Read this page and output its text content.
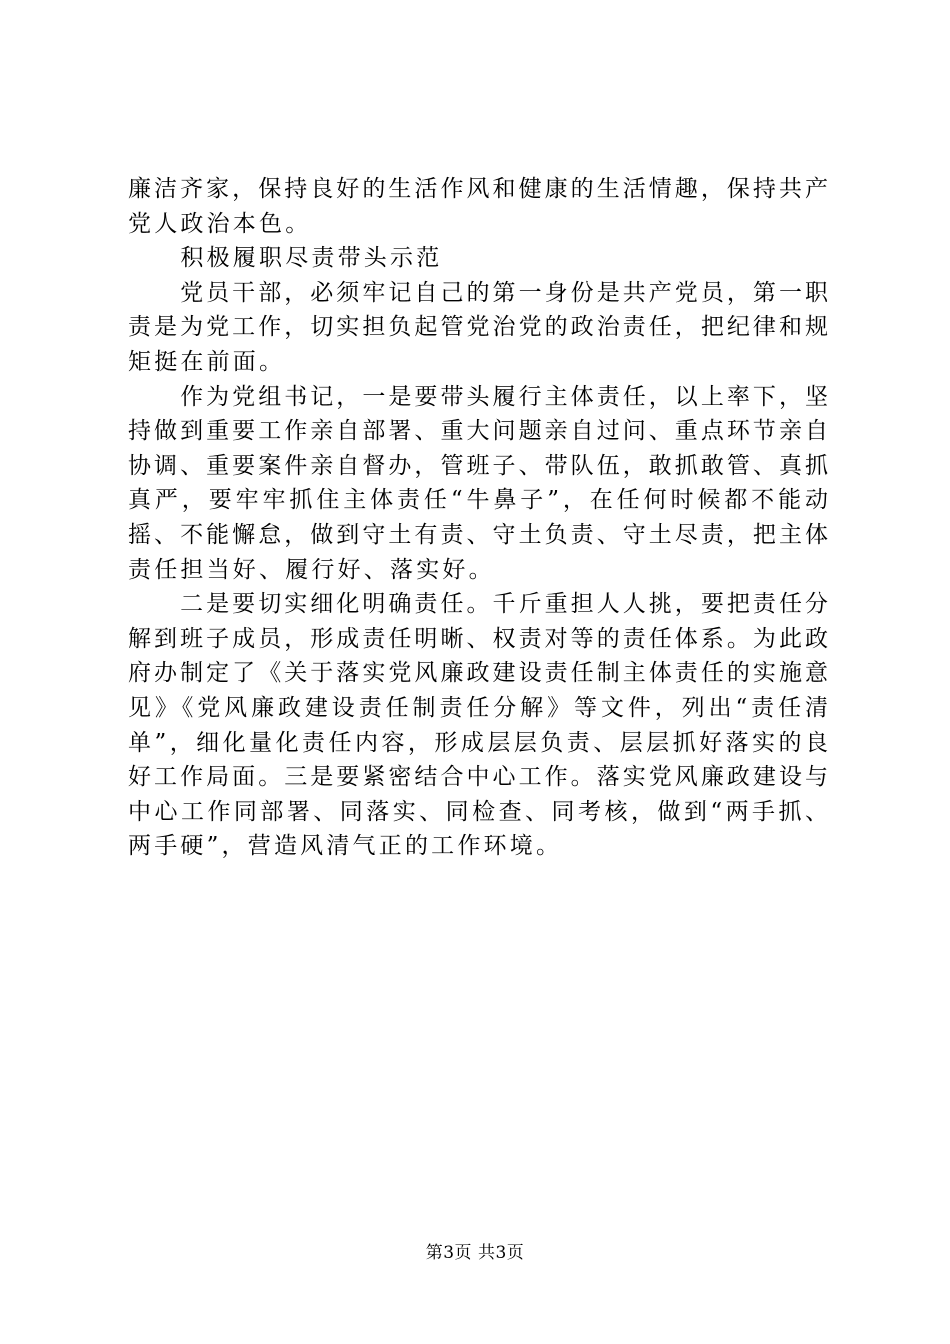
廉洁齐家，保持良好的生活作风和健康的生活情趣，保持共产
党人政治本色。
　　积极履职尽责带头示范
　　党员干部，必须牢记自己的第一身份是共产党员，第一职
责是为党工作，切实担负起管党治党的政治责任，把纪律和规
矩挺在前面。
　　作为党组书记，一是要带头履行主体责任，以上率下，坚
持做到重要工作亲自部署、重大问题亲自过问、重点环节亲自
协调、重要案件亲自督办，管班子、带队伍，敢抓敢管、真抓
真严，要牢牢抓住主体责任“牛鼻子”，在任何时候都不能动
摇、不能懈怠，做到守土有责、守土负责、守土尽责，把主体
责任担当好、履行好、落实好。
　　二是要切实细化明确责任。千斤重担人人挑，要把责任分
解到班子成员，形成责任明晰、权责对等的责任体系。为此政
府办制定了《关于落实党风廉政建设责任制主体责任的实施意
见》《党风廉政建设责任制责任分解》等文件，列出“责任清
单”，细化量化责任内容，形成层层负责、层层抓好落实的良
好工作局面。三是要紧密结合中心工作。落实党风廉政建设与
中心工作同部署、同落实、同检查、同考核，做到“两手抓、
两手硬”，营造风清气正的工作环境。
第3页 共3页
